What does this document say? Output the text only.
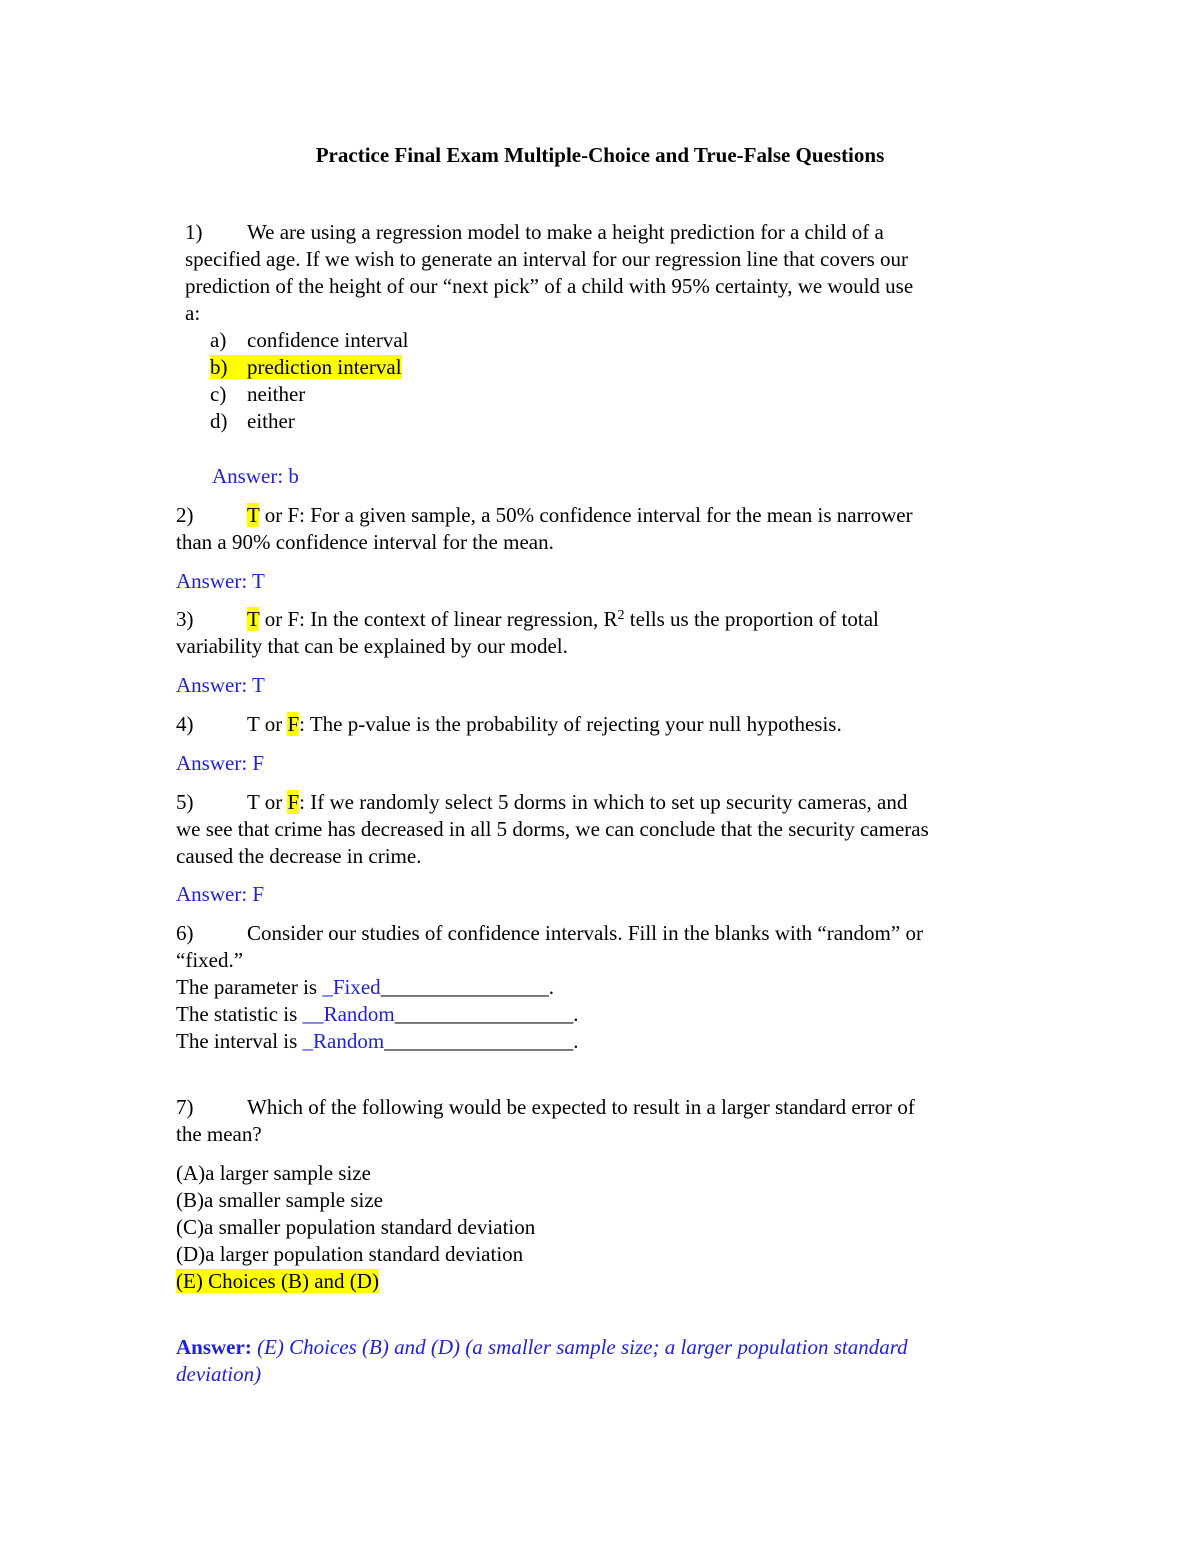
Practice Final Exam Multiple-Choice and True-False Questions
1) We are using a regression model to make a height prediction for a child of a
specified age. If we wish to generate an interval for our regression line that covers our
prediction of the height of our “next pick” of a child with 95% certainty, we would use
a:
a) confidence interval
b) prediction interval
c) neither
d) either
Answer: b
2)	T or F: For a given sample, a 50% confidence interval for the mean is narrower
than a 90% confidence interval for the mean.
Answer: T
3)	T or F: In the context of linear regression, $R^2$ tells us the proportion of total
variability that can be explained by our model.
Answer: T
4)	T or F: The p-value is the probability of rejecting your null hypothesis.
Answer: F
5)	T or F: If we randomly select 5 dorms in which to set up security cameras, and
we see that crime has decreased in all 5 dorms, we can conclude that the security cameras
caused the decrease in crime.
Answer: F
6)	Consider our studies of confidence intervals. Fill in the blanks with “random” or
“fixed.”
The parameter is _Fixed________________.
The statistic is __Random_________________.
The interval is _Random__________________.
7)	Which of the following would be expected to result in a larger standard error of
the mean?
(A)a larger sample size
(B)a smaller sample size
(C)a smaller population standard deviation
(D)a larger population standard deviation
(E) Choices (B) and (D)
Answer: (E) Choices (B) and (D) (a smaller sample size; a larger population standard
deviation)
